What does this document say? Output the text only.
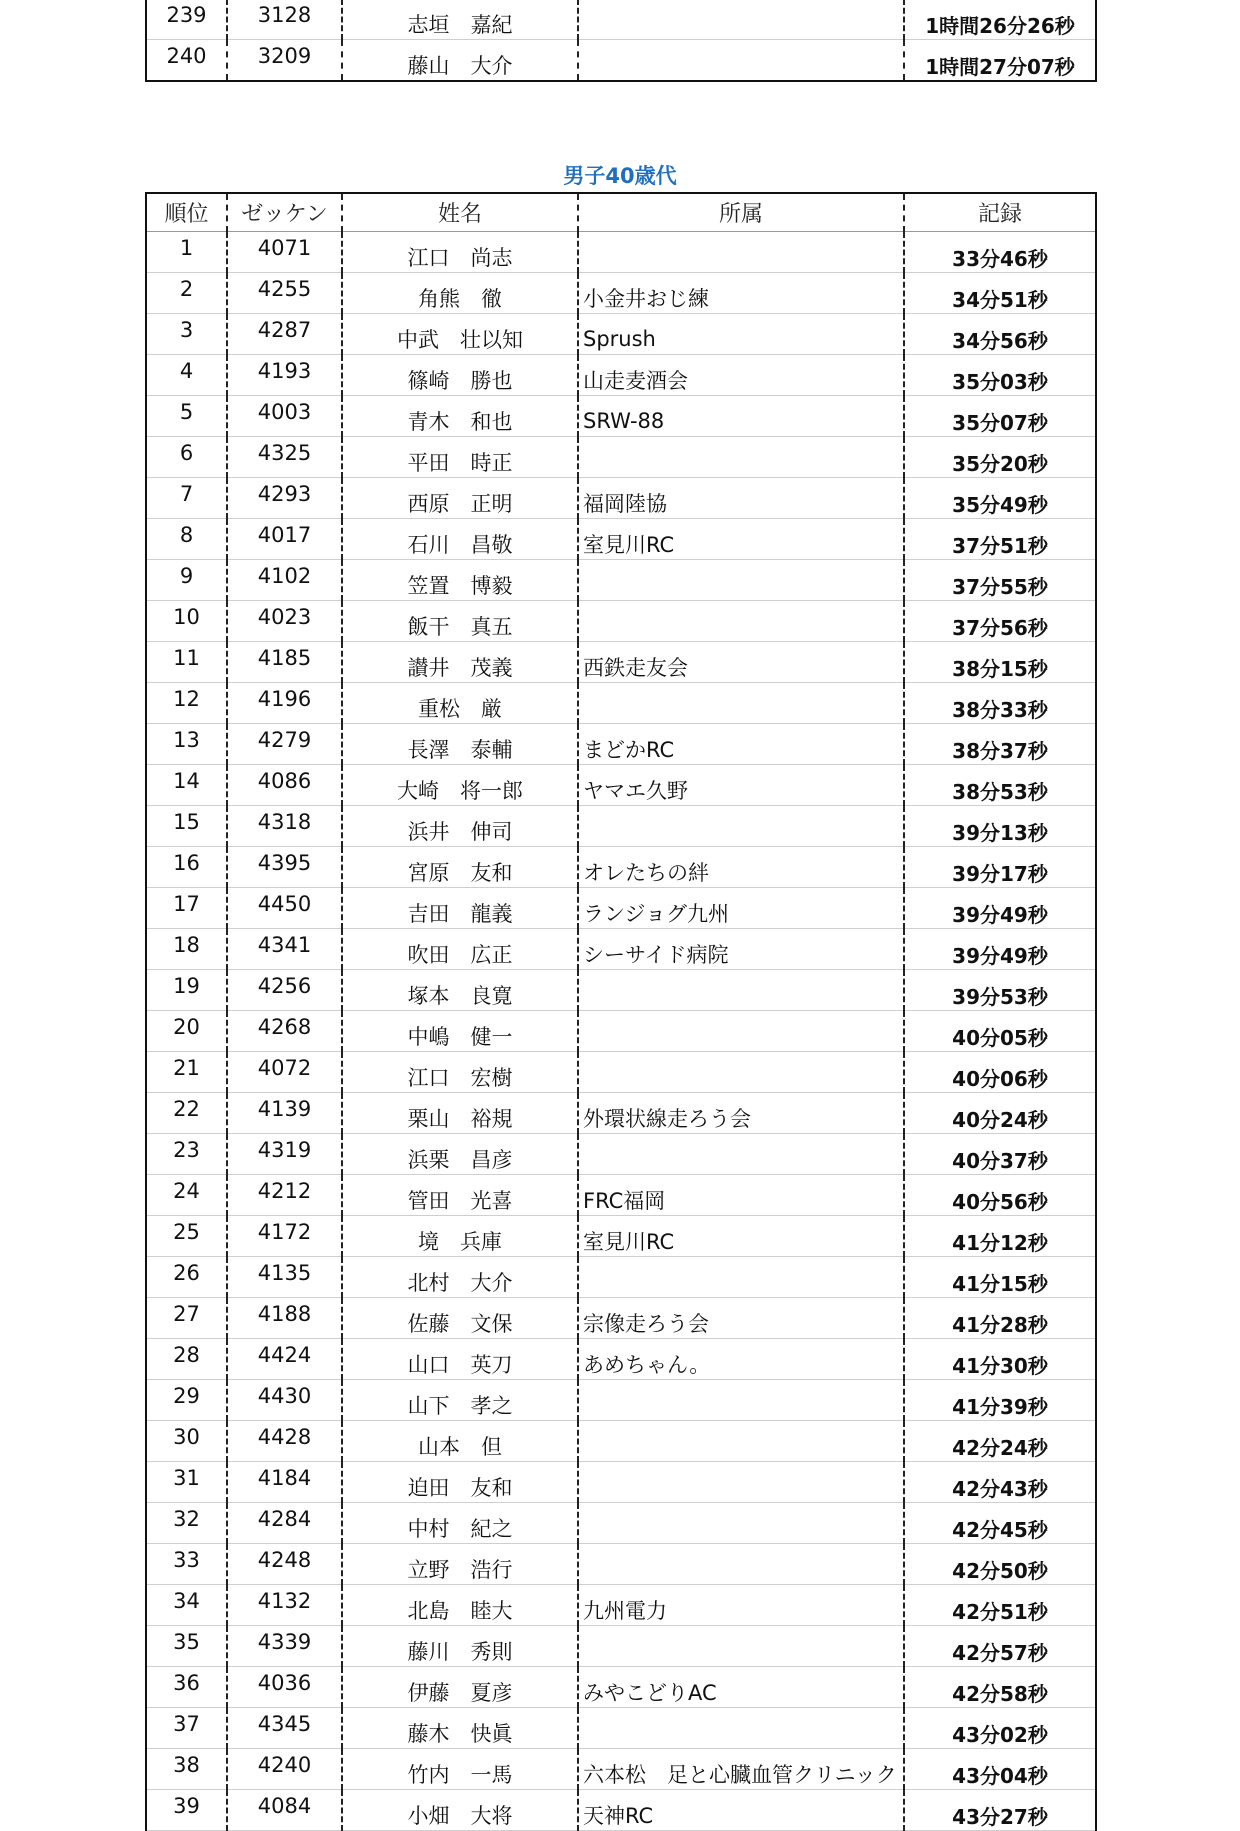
239	3128	志垣　嘉紀		1時間26分26秒
240	3209	藤山　大介		1時間27分07秒
男子40歳代
順位	ゼッケン	姓名	所属	記録
1	4071	江口　尚志		33分46秒
2	4255	角熊　徹	小金井おじ練	34分51秒
3	4287	中武　壮以知	Sprush	34分56秒
4	4193	篠崎　勝也	山走麦酒会	35分03秒
5	4003	青木　和也	SRW-88	35分07秒
6	4325	平田　時正		35分20秒
7	4293	西原　正明	福岡陸協	35分49秒
8	4017	石川　昌敬	室見川RC	37分51秒
9	4102	笠置　博毅		37分55秒
10	4023	飯干　真五		37分56秒
11	4185	讃井　茂義	西鉄走友会	38分15秒
12	4196	重松　厳		38分33秒
13	4279	長澤　泰輔	まどかRC	38分37秒
14	4086	大崎　将一郎	ヤマエ久野	38分53秒
15	4318	浜井　伸司		39分13秒
16	4395	宮原　友和	オレたちの絆	39分17秒
17	4450	吉田　龍義	ランジョグ九州	39分49秒
18	4341	吹田　広正	シーサイド病院	39分49秒
19	4256	塚本　良寛		39分53秒
20	4268	中嶋　健一		40分05秒
21	4072	江口　宏樹		40分06秒
22	4139	栗山　裕規	外環状線走ろう会	40分24秒
23	4319	浜栗　昌彦		40分37秒
24	4212	管田　光喜	FRC福岡	40分56秒
25	4172	境　兵庫	室見川RC	41分12秒
26	4135	北村　大介		41分15秒
27	4188	佐藤　文保	宗像走ろう会	41分28秒
28	4424	山口　英刀	あめちゃん。	41分30秒
29	4430	山下　孝之		41分39秒
30	4428	山本　但		42分24秒
31	4184	迫田　友和		42分43秒
32	4284	中村　紀之		42分45秒
33	4248	立野　浩行		42分50秒
34	4132	北島　睦大	九州電力	42分51秒
35	4339	藤川　秀則		42分57秒
36	4036	伊藤　夏彦	みやこどりAC	42分58秒
37	4345	藤木　快眞		43分02秒
38	4240	竹内　一馬	六本松　足と心臓血管クリニック	43分04秒
39	4084	小畑　大将	天神RC	43分27秒
